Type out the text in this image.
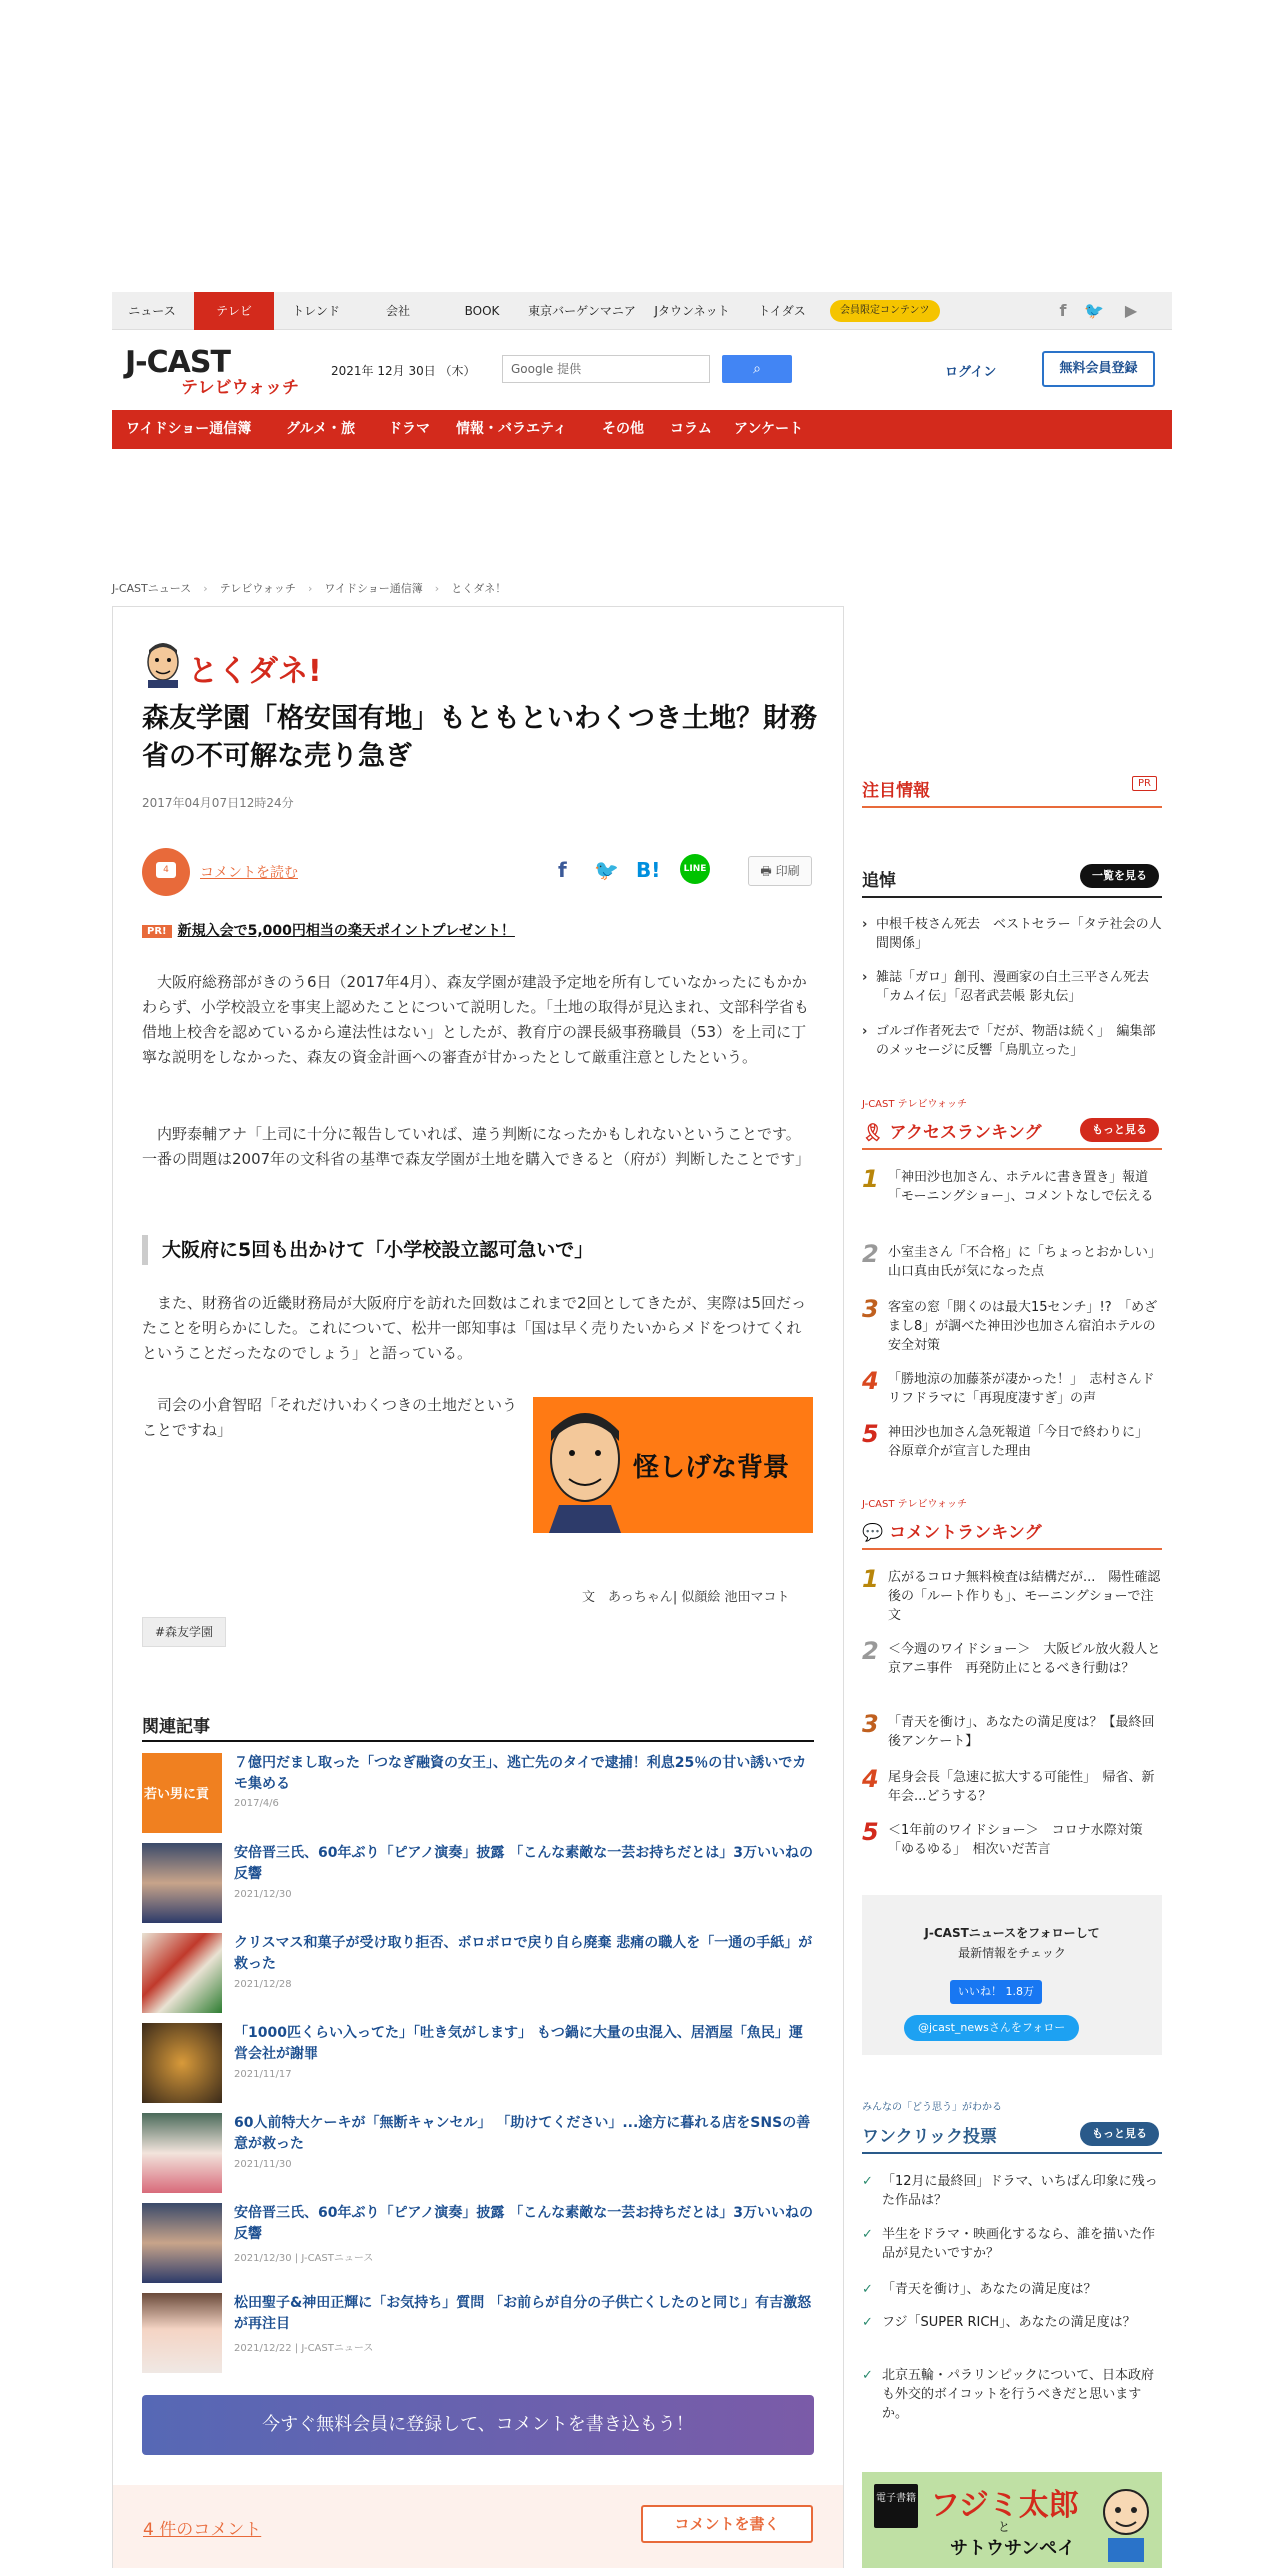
ニュース	テレビ	トレンド	会社	BOOK	東京バーゲンマニア	Jタウンネット	トイダス	会員限定コンテンツ	f	🐦 ▶
J-CAST
テレビウォッチ
2021年 12月 30日 （木）	Google 提供	⌕	ログイン	無料会員登録
ワイドショー通信簿 グルメ・旅 ドラマ 情報・バラエティ	その他 コラム アンケート
J-CASTニュース › テレビウォッチ › ワイドショー通信簿 › とくダネ！
とくダネ!
森友学園「格安国有地」もともといわくつき土地？財務省の不可解な売り急ぎ
2017年04月07日12時24分
4	コメントを読む	f 🐦 B!	LINE	🖶 印刷
PR! 新規入会で5,000円相当の楽天ポイントプレゼント！

大阪府総務部がきのう6日（2017年4月）、森友学園が建設予定地を所有していなかったにもかかわらず、小学校設立を事実上認めたことについて説明した。「土地の取得が見込まれ、文部科学省も借地上校舎を認めているから違法性はない」としたが、教育庁の課長級事務職員（53）を上司に丁寧な説明をしなかった、森友の資金計画への審査が甘かったとして厳重注意としたという。

内野泰輔アナ「上司に十分に報告していれば、違う判断になったかもしれないということです。一番の問題は2007年の文科省の基準で森友学園が土地を購入できると（府が）判断したことです」

大阪府に5回も出かけて「小学校設立認可急いで」

また、財務省の近畿財務局が大阪府庁を訪れた回数はこれまで2回としてきたが、実際は5回だったことを明らかにした。これについて、松井一郎知事は「国は早く売りたいからメドをつけてくれということだったなのでしょう」と語っている。

司会の小倉智昭「それだけいわくつきの土地だということですね」

怪しげな背景
文　あっちゃん| 似顔絵 池田マコト
#森友学園
関連記事
若い男に貢
７億円だまし取った「つなぎ融資の女王」、逃亡先のタイで逮捕！利息25％の甘い誘いでカモ集める
2017/4/6
安倍晋三氏、60年ぶり「ピアノ演奏」披露 「こんな素敵な一芸お持ちだとは」3万いいねの反響
2021/12/30
クリスマス和菓子が受け取り拒否、ボロボロで戻り自ら廃棄 悲痛の職人を「一通の手紙」が救った
2021/12/28
「1000匹くらい入ってた」「吐き気がします」 もつ鍋に大量の虫混入、居酒屋「魚民」運営会社が謝罪
2021/11/17
60人前特大ケーキが「無断キャンセル」 「助けてください」...途方に暮れる店をSNSの善意が救った
2021/11/30
安倍晋三氏、60年ぶり「ピアノ演奏」披露 「こんな素敵な一芸お持ちだとは」3万いいねの反響
2021/12/30 | J-CASTニュース
松田聖子&神田正輝に「お気持ち」質問 「お前らが自分の子供亡くしたのと同じ」有吉激怒が再注目
2021/12/22 | J-CASTニュース
今すぐ無料会員に登録して、コメントを書き込もう！
4 件のコメント	コメントを書く
注目情報	PR
追悼	一覧を見る
› 中根千枝さん死去　ベストセラー「タテ社会の人間関係」
› 雑誌「ガロ」創刊、漫画家の白土三平さん死去　「カムイ伝」「忍者武芸帳 影丸伝」
› ゴルゴ作者死去で「だが、物語は続く」　編集部のメッセージに反響「鳥肌立った」
J-CAST テレビウォッチ
🎗 アクセスランキング	もっと見る
1 「神田沙也加さん、ホテルに書き置き」報道　「モーニングショー」、コメントなしで伝える
2 小室圭さん「不合格」に「ちょっとおかしい」　山口真由氏が気になった点
3 客室の窓「開くのは最大15センチ」!?　「めざまし8」が調べた神田沙也加さん宿泊ホテルの安全対策
4 「勝地涼の加藤茶が凄かった！」　志村さんドリフドラマに「再現度凄すぎ」の声
5 神田沙也加さん急死報道「今日で終わりに」　谷原章介が宣言した理由
J-CAST テレビウォッチ
💬 コメントランキング
1 広がるコロナ無料検査は結構だが...　陽性確認後の「ルート作りも」、モーニングショーで注文
2 ＜今週のワイドショー＞　大阪ビル放火殺人と京アニ事件　再発防止にとるべき行動は？
3 「青天を衝け」、あなたの満足度は？【最終回後アンケート】
4 尾身会長「急速に拡大する可能性」　帰省、新年会...どうする？
5 ＜1年前のワイドショー＞　コロナ水際対策「ゆるゆる」　相次いだ苦言
J-CASTニュースをフォローして
最新情報をチェック
いいね！ 1.8万
@jcast_newsさんをフォロー
みんなの「どう思う」がわかる
ワンクリック投票	もっと見る
✓ 「12月に最終回」ドラマ、いちばん印象に残った作品は？
✓ 半生をドラマ・映画化するなら、誰を描いた作品が見たいですか？
✓ 「青天を衝け」、あなたの満足度は？
✓ フジ「SUPER RICH」、あなたの満足度は？
✓ 北京五輪・パラリンピックについて、日本政府も外交的ボイコットを行うべきだと思いますか。
電子書籍 フジミ太郎
と
サトウサンペイ
